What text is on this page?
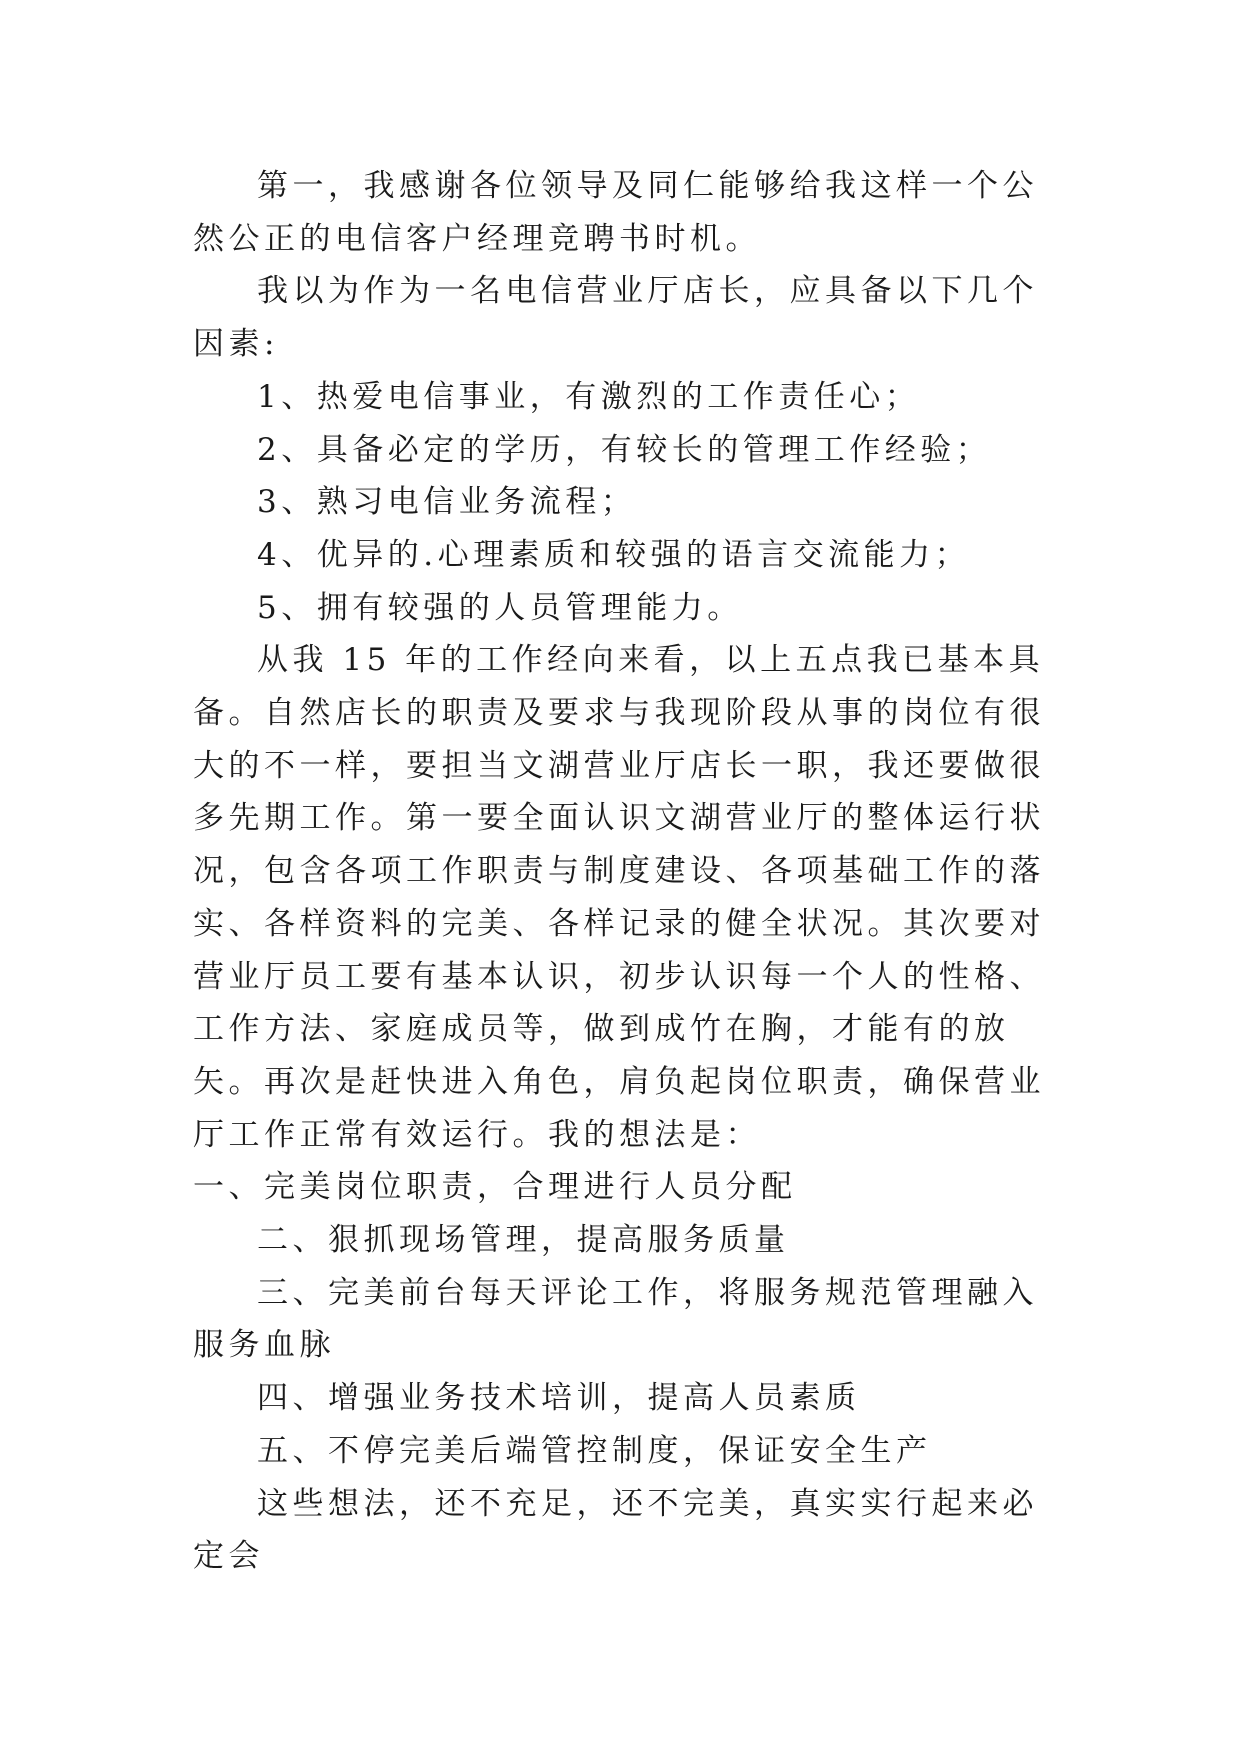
第一，我感谢各位领导及同仁能够给我这样一个公然公正的电信客户经理竞聘书时机。

我以为作为一名电信营业厅店长，应具备以下几个因素:

1、热爱电信事业，有激烈的工作责任心；

2、具备必定的学历，有较长的管理工作经验；

3、熟习电信业务流程；

4、优异的.心理素质和较强的语言交流能力；

5、拥有较强的人员管理能力。

从我 15 年的工作经向来看，以上五点我已基本具备。自然店长的职责及要求与我现阶段从事的岗位有很大的不一样，要担当文湖营业厅店长一职，我还要做很多先期工作。第一要全面认识文湖营业厅的整体运行状况，包含各项工作职责与制度建设、各项基础工作的落实、各样资料的完美、各样记录的健全状况。其次要对营业厅员工要有基本认识，初步认识每一个人的性格、工作方法、家庭成员等，做到成竹在胸，才能有的放矢。再次是赶快进入角色，肩负起岗位职责，确保营业厅工作正常有效运行。我的想法是：

一、完美岗位职责，合理进行人员分配

二、狠抓现场管理，提高服务质量

三、完美前台每天评论工作，将服务规范管理融入服务血脉

四、增强业务技术培训，提高人员素质

五、不停完美后端管控制度，保证安全生产

这些想法，还不充足，还不完美，真实实行起来必定会
